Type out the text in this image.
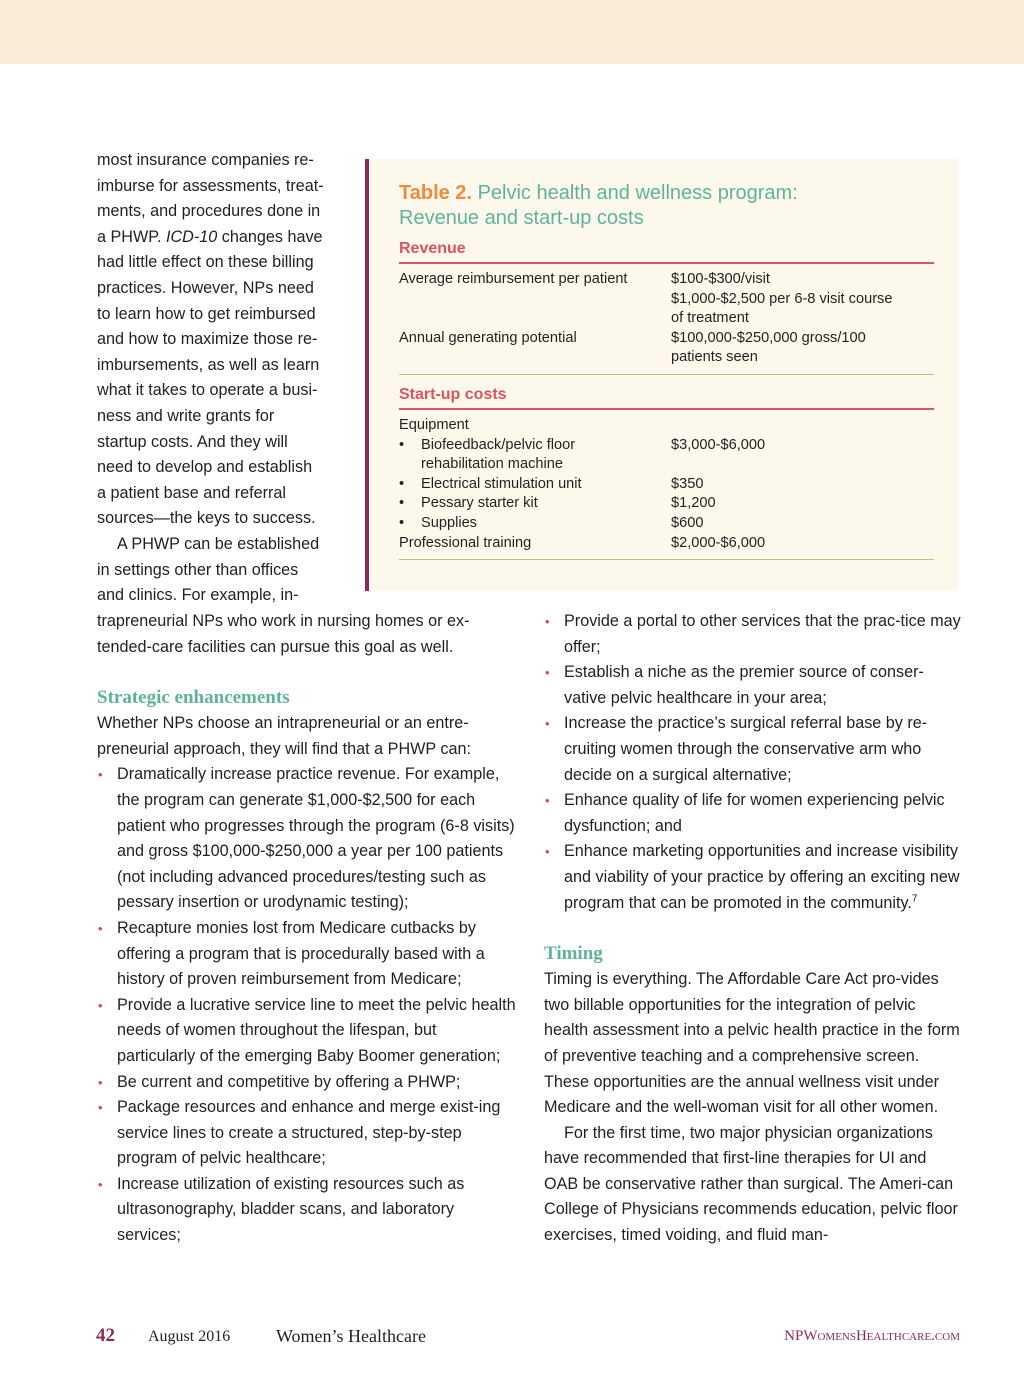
most insurance companies re-

imburse for assessments, treat-

ments, and procedures done in

a PHWP. ICD-10 changes have

had little effect on these billing

practices. However, NPs need

to learn how to get reimbursed

and how to maximize those re-

imbursements, as well as learn

what it takes to operate a busi-

ness and write grants for

startup costs. And they will

need to develop and establish

a patient base and referral

sources—the keys to success.

A PHWP can be established

in settings other than offices

and clinics. For example, in-

Table 2. Pelvic health and wellness program:
Revenue and start-up costs
Revenue
Average reimbursement per patient	$100-$300/visit
$1,000-$2,500 per 6-8 visit course
of treatment
Annual generating potential	$100,000-$250,000 gross/100
patients seen
Start-up costs
Equipment
• Biofeedback/pelvic floor	$3,000-$6,000
rehabilitation machine
• Electrical stimulation unit	$350
• Pessary starter kit	$1,200
• Supplies	$600
Professional training	$2,000-$6,000

trapreneurial NPs who work in nursing homes or ex-

tended-care facilities can pursue this goal as well.

Strategic enhancements

Whether NPs choose an intrapreneurial or an entre-preneurial approach, they will find that a PHWP can:

• Dramatically increase practice revenue. For example, the program can generate $1,000-$2,500 for each patient who progresses through the program (6-8 visits) and gross $100,000-$250,000 a year per 100 patients (not including advanced procedures/testing such as pessary insertion or urodynamic testing);
• Recapture monies lost from Medicare cutbacks by offering a program that is procedurally based with a history of proven reimbursement from Medicare;
• Provide a lucrative service line to meet the pelvic health needs of women throughout the lifespan, but particularly of the emerging Baby Boomer generation;
• Be current and competitive by offering a PHWP;
• Package resources and enhance and merge exist-ing service lines to create a structured, step-by-step program of pelvic healthcare;
• Increase utilization of existing resources such as ultrasonography, bladder scans, and laboratory services;
• Provide a portal to other services that the prac-tice may offer;
• Establish a niche as the premier source of conser-vative pelvic healthcare in your area;
• Increase the practice’s surgical referral base by re-cruiting women through the conservative arm who decide on a surgical alternative;
• Enhance quality of life for women experiencing pelvic dysfunction; and
• Enhance marketing opportunities and increase visibility and viability of your practice by offering an exciting new program that can be promoted in the community.$^7$
Timing

Timing is everything. The Affordable Care Act pro-vides two billable opportunities for the integration of pelvic health assessment into a pelvic health practice in the form of preventive teaching and a comprehensive screen. These opportunities are the annual wellness visit under Medicare and the well-woman visit for all other women.

For the first time, two major physician organizations have recommended that first-line therapies for UI and OAB be conservative rather than surgical. The Ameri-can College of Physicians recommends education, pelvic floor exercises, timed voiding, and fluid man-

42 August 2016	Women’s Healthcare	NPWomensHealthcare.com
